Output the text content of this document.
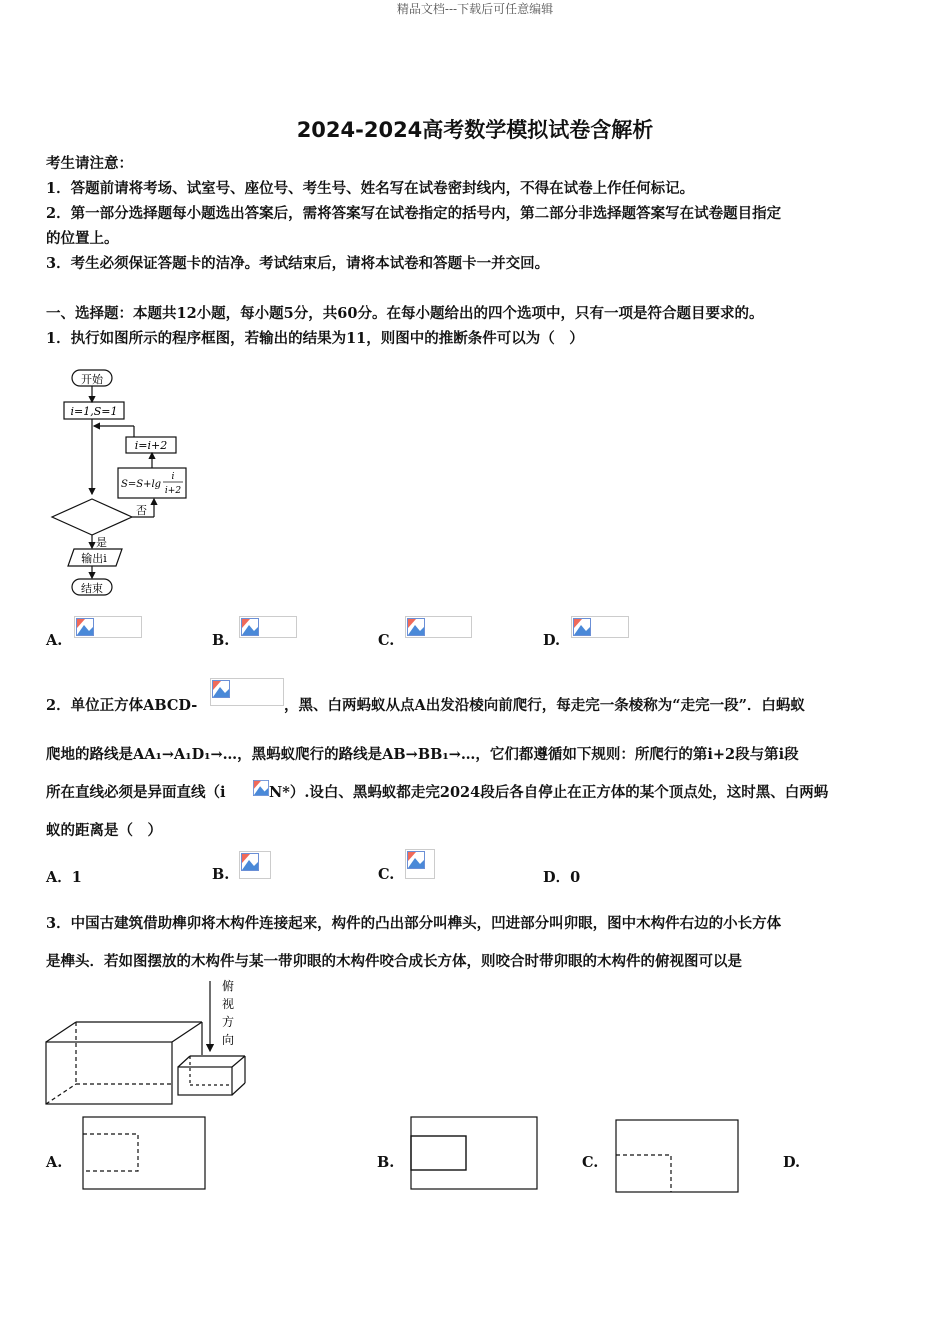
精品文档---下载后可任意编辑
2024-2024高考数学模拟试卷含解析
考生请注意：
1．答题前请将考场、试室号、座位号、考生号、姓名写在试卷密封线内，不得在试卷上作任何标记。
2．第一部分选择题每小题选出答案后，需将答案写在试卷指定的括号内，第二部分非选择题答案写在试卷题目指定
的位置上。
3．考生必须保证答题卡的洁净。考试结束后，请将本试卷和答题卡一并交回。
一、选择题：本题共12小题，每小题5分，共60分。在每小题给出的四个选项中，只有一项是符合题目要求的。
1．执行如图所示的程序框图，若输出的结果为11，则图中的推断条件可以为（　）
开始
i=1,S=1
i=i+2
S=S+lg
i
i+2
否
是
输出i
结束
A.	B.	C.	D.
2．单位正方体ABCD-	，黑、白两蚂蚁从点A出发沿棱向前爬行，每走完一条棱称为“走完一段”．白蚂蚁
爬地的路线是AA₁→A₁D₁→…，黑蚂蚁爬行的路线是AB→BB₁→…，它们都遵循如下规则：所爬行的第i+2段与第i段
所在直线必须是异面直线（i	N*）.设白、黑蚂蚁都走完2024段后各自停止在正方体的某个顶点处，这时黑、白两蚂
蚁的距离是（　）
A．1	B.	C.	D．0
3．中国古建筑借助榫卯将木构件连接起来，构件的凸出部分叫榫头，凹进部分叫卯眼，图中木构件右边的小长方体
是榫头．若如图摆放的木构件与某一带卯眼的木构件咬合成长方体，则咬合时带卯眼的木构件的俯视图可以是
俯
视
方
向
A.	B.	C.	D.
